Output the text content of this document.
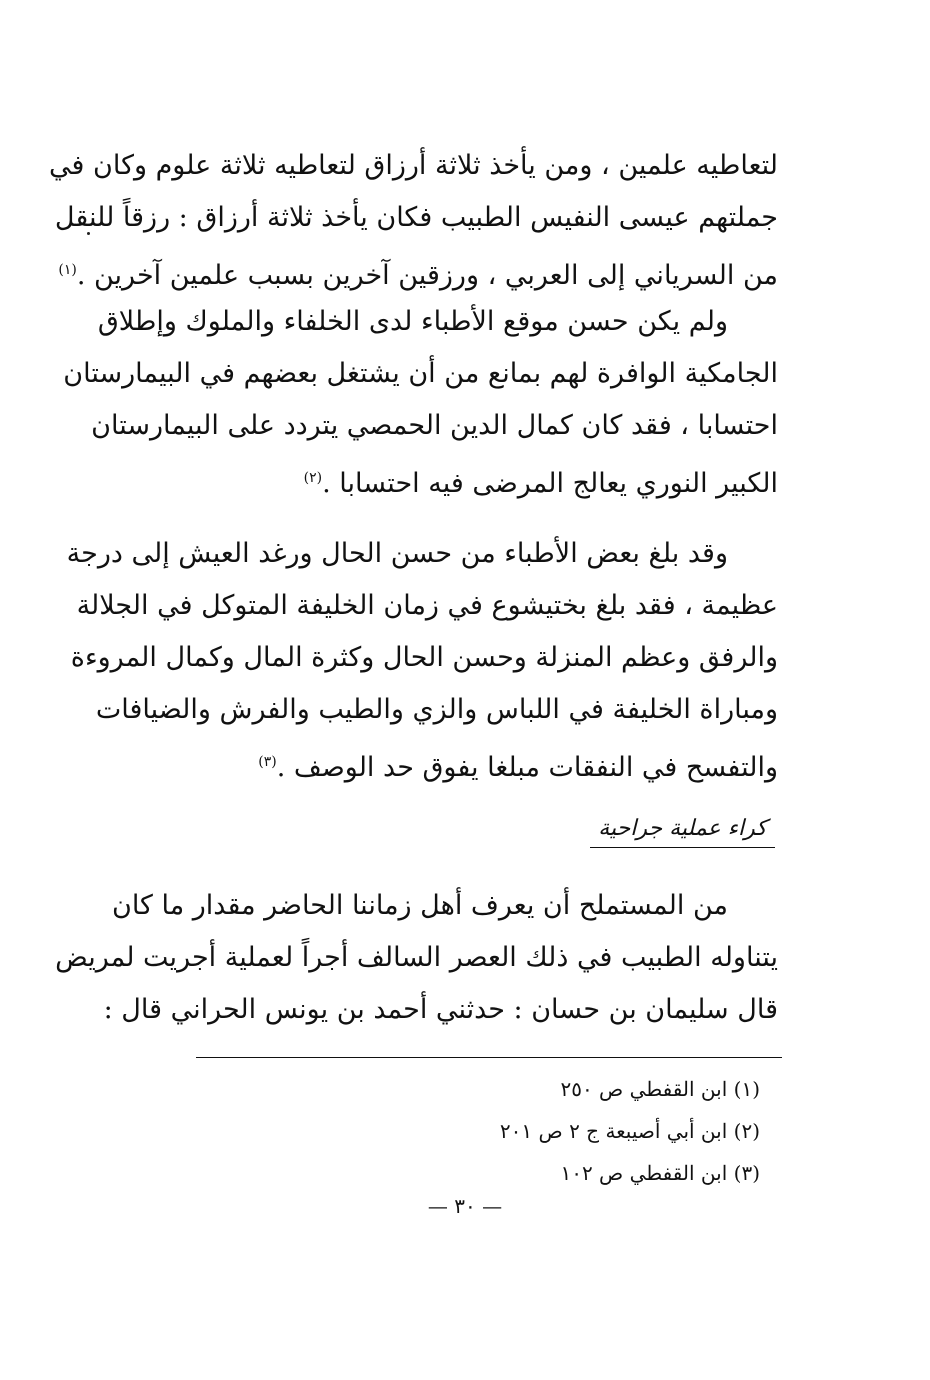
لتعاطيه علمين ، ومن يأخذ ثلاثة أرزاق لتعاطيه ثلاثة علوم وكان في
جملتهم عيسى النفيس الطبيب فكان يأخذ ثلاثة أرزاق : رزقاً للنقل
من السرياني إلى العربي ، ورزقين آخرين بسبب علمين آخرين .$^{(١)}$
ولم يكن حسن موقع الأطباء لدى الخلفاء والملوك وإطلاق
الجامكية الوافرة لهم بمانع من أن يشتغل بعضهم في البيمارستان
احتسابا ، فقد كان كمال الدين الحمصي يتردد على البيمارستان
الكبير النوري يعالج المرضى فيه احتسابا .$^{(٢)}$
وقد بلغ بعض الأطباء من حسن الحال ورغد العيش إلى درجة
عظيمة ، فقد بلغ بختيشوع في زمان الخليفة المتوكل في الجلالة
والرفق وعظم المنزلة وحسن الحال وكثرة المال وكمال المروءة
ومباراة الخليفة في اللباس والزي والطيب والفرش والضيافات
والتفسح في النفقات مبلغا يفوق حد الوصف .$^{(٣)}$
كراء عملية جراحية
من المستملح أن يعرف أهل زماننا الحاضر مقدار ما كان
يتناوله الطبيب في ذلك العصر السالف أجراً لعملية أجريت لمريض
قال سليمان بن حسان : حدثني أحمد بن يونس الحراني قال :
(١) ابن القفطي ص ٢٥٠
(٢) ابن أبي أصيبعة ج ٢ ص ٢٠١
(٣) ابن القفطي ص ١٠٢
— ٣٠ —
